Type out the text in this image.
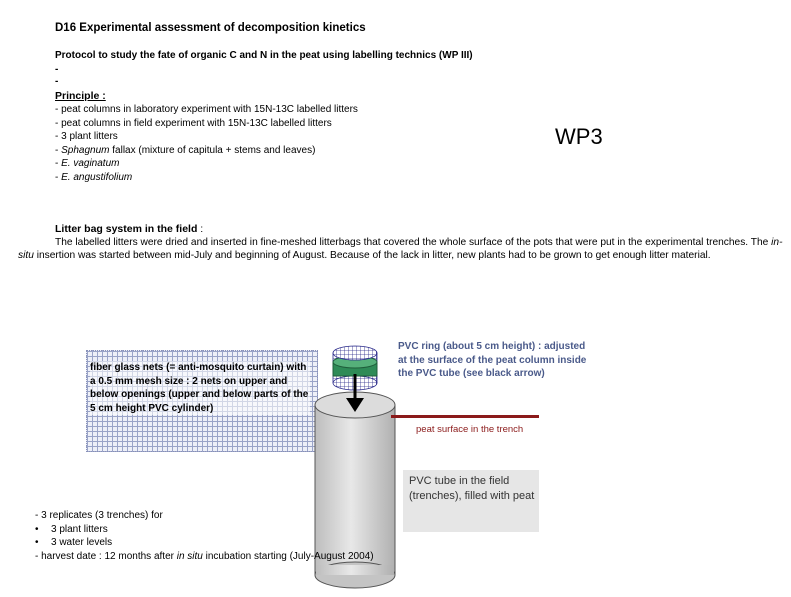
D16 Experimental assessment of decomposition kinetics
Protocol to study the fate of organic C and N in the peat using labelling technics (WP III)
-
-
Principle :
- peat columns in laboratory experiment with 15N-13C labelled litters
- peat columns in field experiment with 15N-13C labelled litters
- 3 plant litters
- Sphagnum fallax (mixture of capitula + stems and leaves)
- E. vaginatum
- E. angustifolium
WP3
Litter bag system in the field :
The labelled litters were dried and inserted in fine-meshed litterbags that covered the whole surface of the pots that were put in the experimental trenches. The in-situ insertion was started between mid-July and beginning of August. Because of the lack in litter, new plants had to be grown to get enough litter material.
fiber glass nets (= anti-mosquito curtain) with a 0.5 mm mesh size : 2 nets on upper and below openings (upper and below parts of the 5 cm height PVC cylinder)
PVC ring (about 5 cm height) : adjusted at the surface of the peat column inside the PVC tube (see black arrow)
peat surface in the trench
PVC tube in the field (trenches), filled with peat
- 3 replicates (3 trenches) for
• 3 plant litters
• 3 water levels
- harvest date : 12 months after in situ incubation starting (July-August 2004)
